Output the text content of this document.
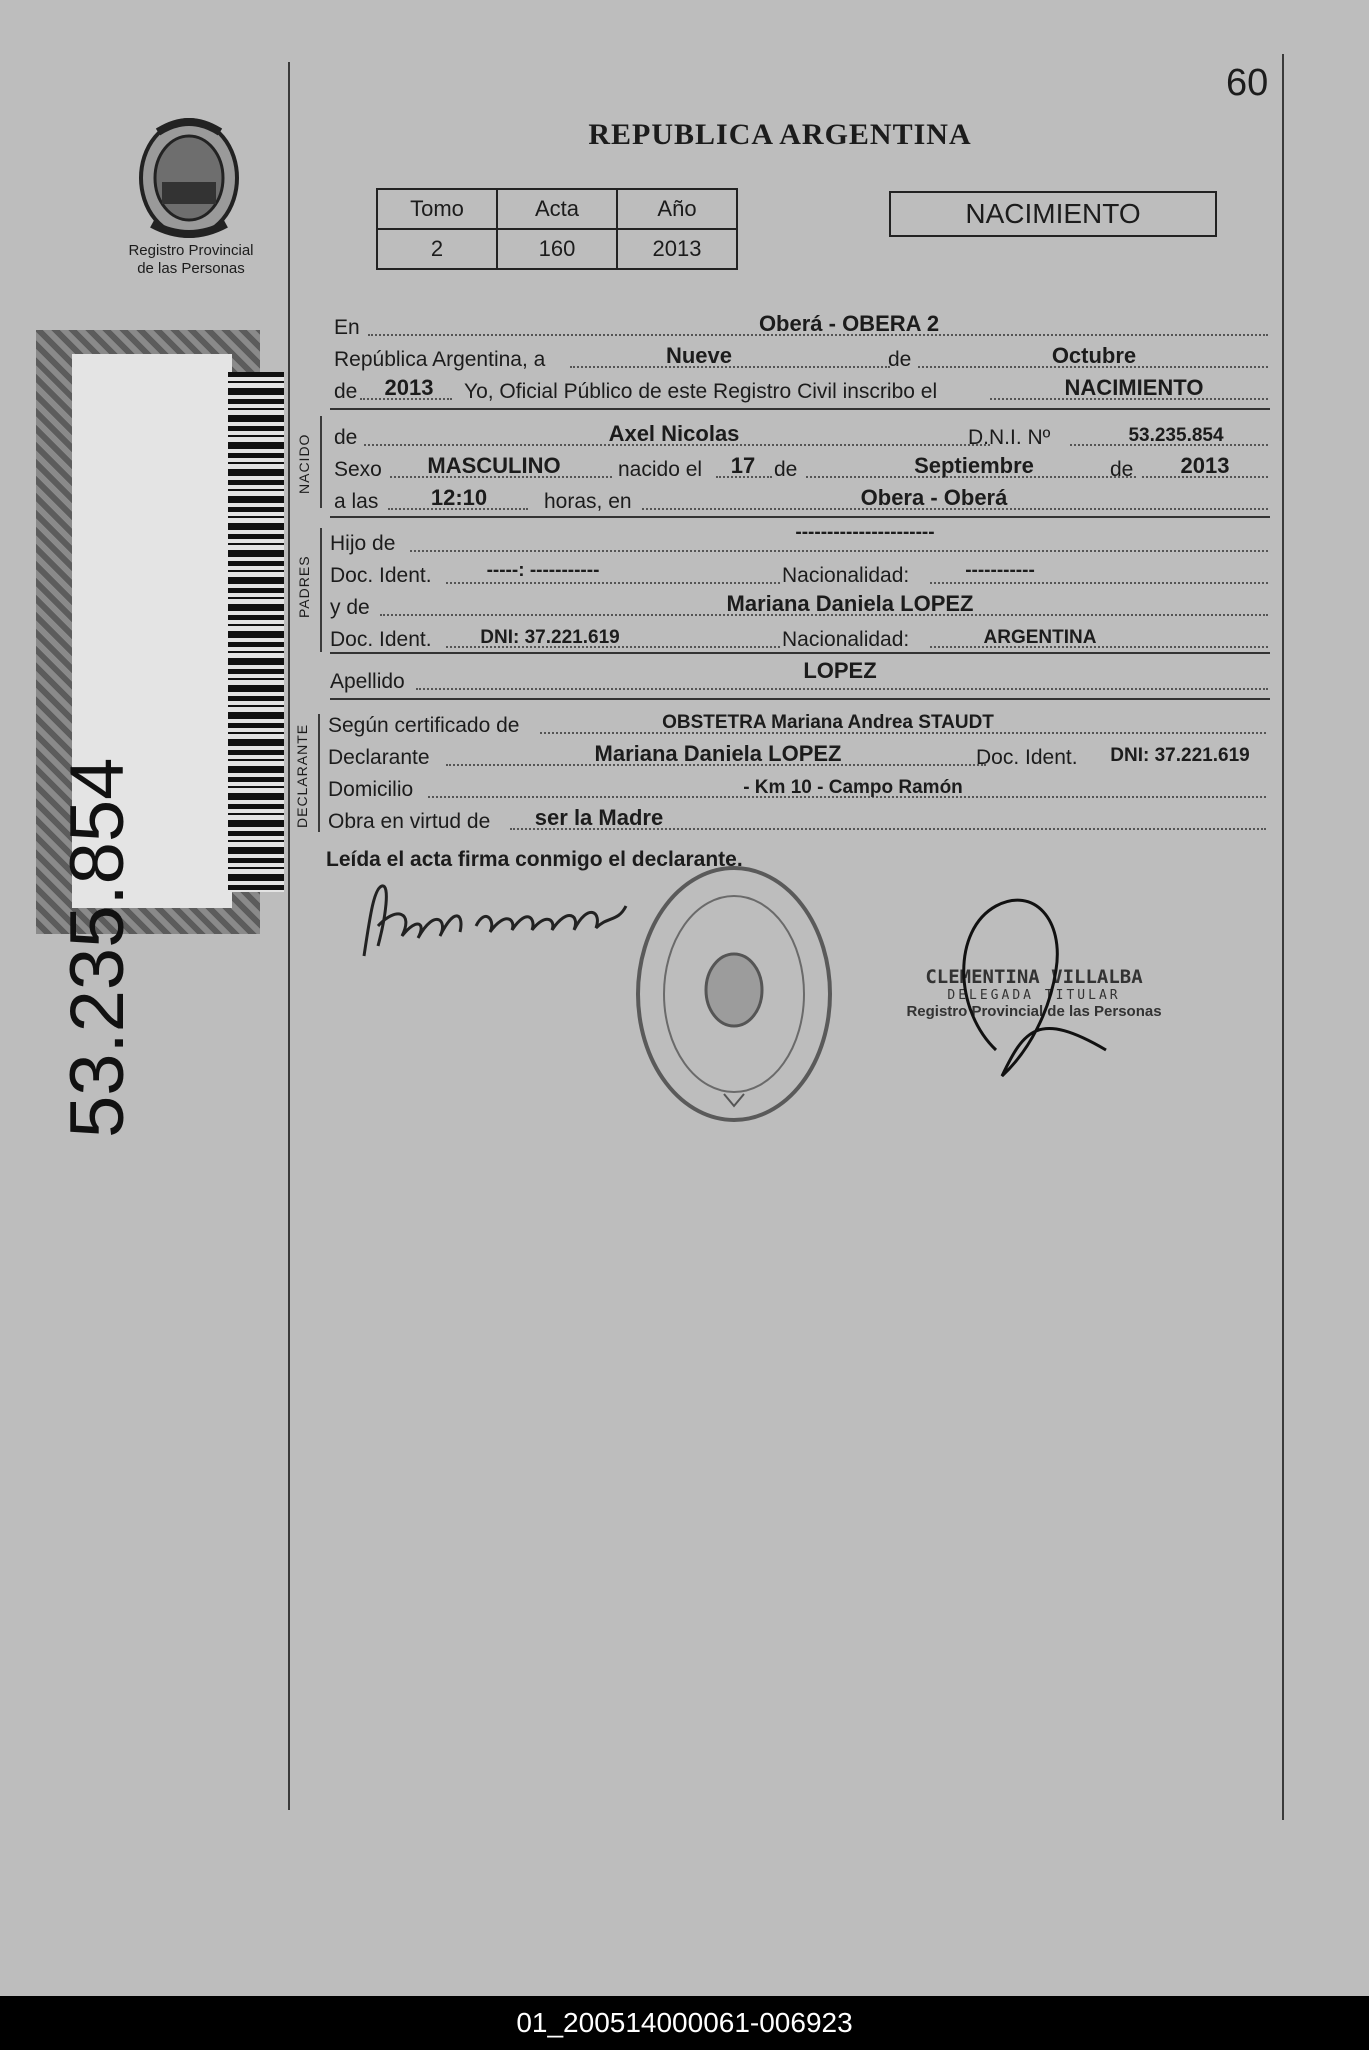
60
Registro Provincial
de las Personas
53.235.854
REPUBLICA ARGENTINA
Tomo	Acta	Año
2	160	2013
NACIMIENTO
En	Oberá - OBERA 2
República Argentina, a	Nueve	de	Octubre
de	2013	Yo, Oficial Público de este Registro Civil inscribo el	NACIMIENTO
NACIDO de	Axel Nicolas	D.N.I. Nº	53.235.854
Sexo	MASCULINO	nacido el	17 de	Septiembre	de	2013
a las	12:10	horas, en	Obera - Oberá
PADRES
Hijo de	----------------------
Doc. Ident.	-----: -----------	Nacionalidad:	-----------
y de	Mariana Daniela LOPEZ
Doc. Ident.	DNI: 37.221.619	Nacionalidad:	ARGENTINA
Apellido	LOPEZ
DECLARANTE Según certificado de	OBSTETRA Mariana Andrea STAUDT
Declarante	Mariana Daniela LOPEZ	Doc. Ident.	DNI: 37.221.619
Domicilio	- Km 10 - Campo Ramón
Obra en virtud de	ser la Madre
Leída el acta firma conmigo el declarante.
CLEMENTINA VILLALBA
DELEGADA TITULAR
Registro Provincial de las Personas
01_200514000061-006923
